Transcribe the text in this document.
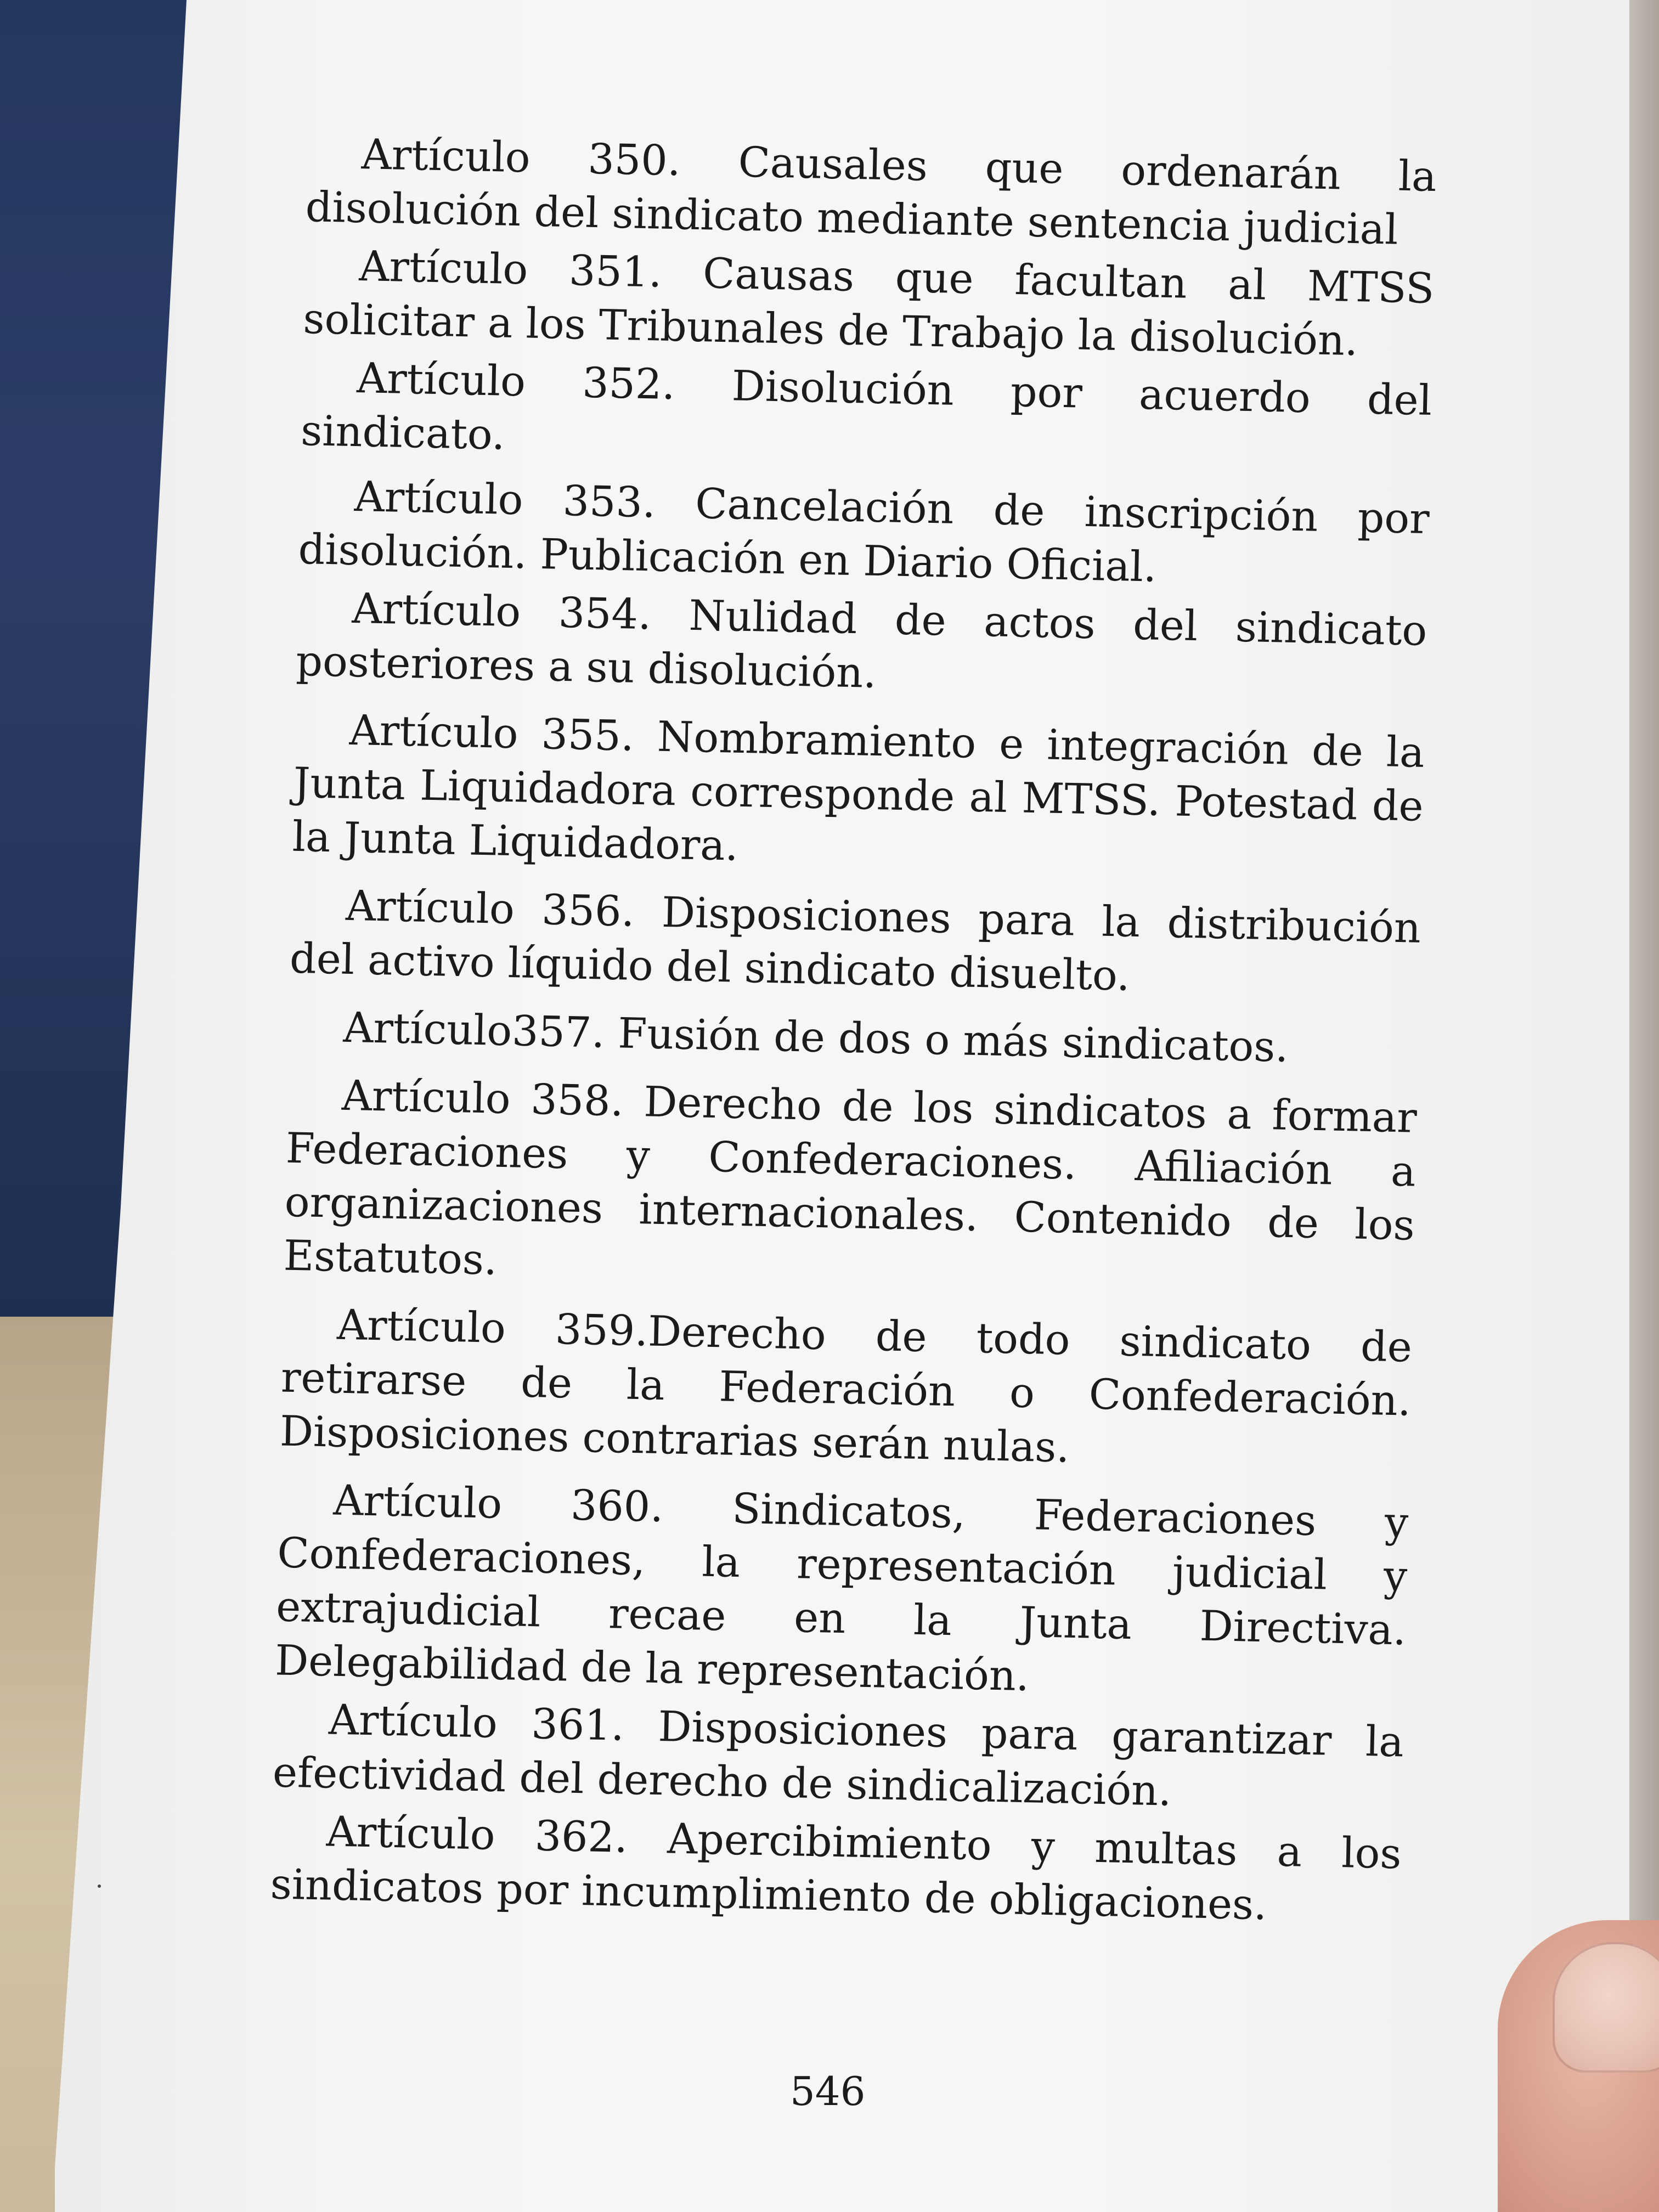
Artículo 350. Causales que ordenarán la disolución del sindicato mediante sentencia judicial

Artículo 351. Causas que facultan al MTSS solicitar a los Tribunales de Trabajo la disolución.

Artículo 352. Disolución por acuerdo del sindicato.

Artículo 353. Cancelación de inscripción por disolución. Publicación en Diario Oficial.

Artículo 354. Nulidad de actos del sindicato posteriores a su disolución.

Artículo 355. Nombramiento e integración de la Junta Liquidadora corresponde al MTSS. Potestad de la Junta Liquidadora.

Artículo 356. Disposiciones para la distribución del activo líquido del sindicato disuelto.

Artículo357. Fusión de dos o más sindicatos.

Artículo 358. Derecho de los sindicatos a formar Federaciones y Confederaciones. Afiliación a organizaciones internacionales. Contenido de los Estatutos.

Artículo 359.Derecho de todo sindicato de retirarse de la Federación o Confederación. Disposiciones contrarias serán nulas.

Artículo 360. Sindicatos, Federaciones y Confederaciones, la representación judicial y extrajudicial recae en la Junta Directiva. Delegabilidad de la representación.

Artículo 361. Disposiciones para garantizar la efectividad del derecho de sindicalización.

Artículo 362. Apercibimiento y multas a los sindicatos por incumplimiento de obligaciones.

546
